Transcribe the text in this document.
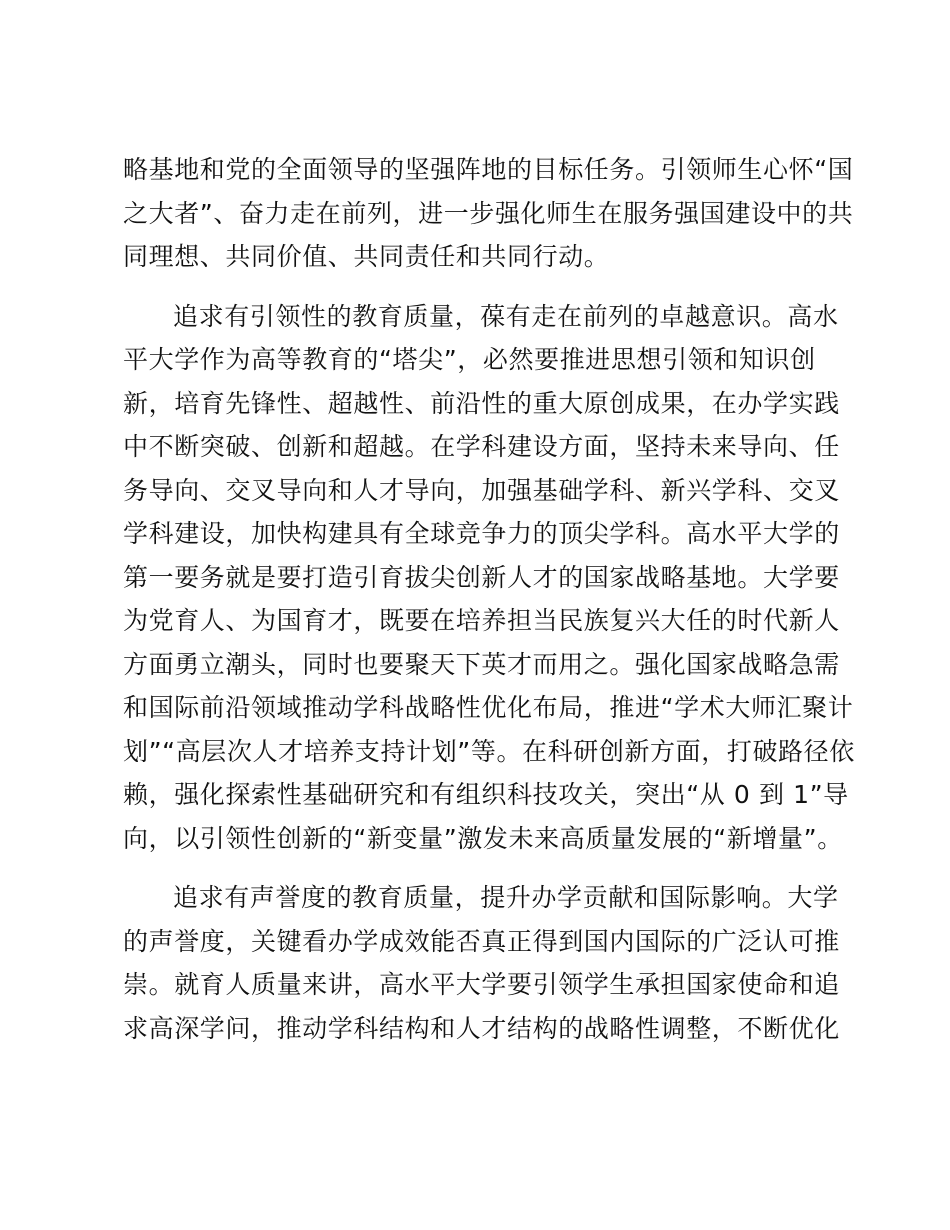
略基地和党的全面领导的坚强阵地的目标任务。引领师生心怀“国
之大者”、奋力走在前列，进一步强化师生在服务强国建设中的共
同理想、共同价值、共同责任和共同行动。

追求有引领性的教育质量，葆有走在前列的卓越意识。高水
平大学作为高等教育的“塔尖”，必然要推进思想引领和知识创
新，培育先锋性、超越性、前沿性的重大原创成果，在办学实践
中不断突破、创新和超越。在学科建设方面，坚持未来导向、任
务导向、交叉导向和人才导向，加强基础学科、新兴学科、交叉
学科建设，加快构建具有全球竞争力的顶尖学科。高水平大学的
第一要务就是要打造引育拔尖创新人才的国家战略基地。大学要
为党育人、为国育才，既要在培养担当民族复兴大任的时代新人
方面勇立潮头，同时也要聚天下英才而用之。强化国家战略急需
和国际前沿领域推动学科战略性优化布局，推进“学术大师汇聚计
划”“高层次人才培养支持计划”等。在科研创新方面，打破路径依
赖，强化探索性基础研究和有组织科技攻关，突出“从 0 到 1”导
向，以引领性创新的“新变量”激发未来高质量发展的“新增量”。

追求有声誉度的教育质量，提升办学贡献和国际影响。大学
的声誉度，关键看办学成效能否真正得到国内国际的广泛认可推
崇。就育人质量来讲，高水平大学要引领学生承担国家使命和追
求高深学问，推动学科结构和人才结构的战略性调整，不断优化
